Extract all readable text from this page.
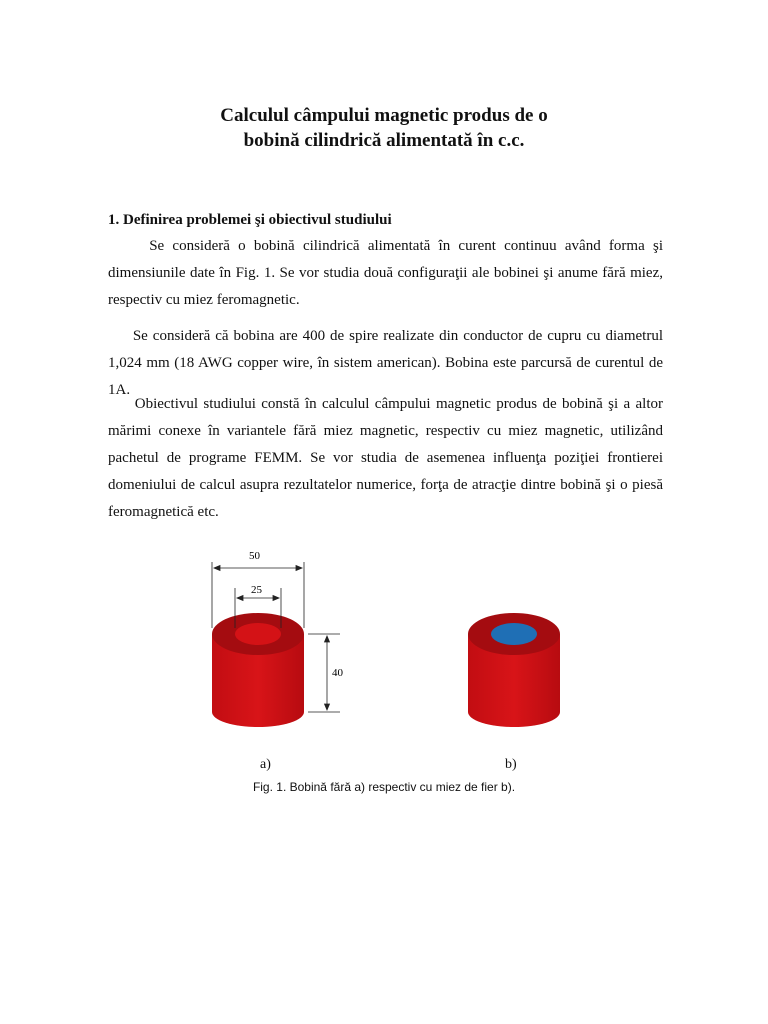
Calculul câmpului magnetic produs de o
bobină cilindrică alimentată în c.c.
1. Definirea problemei şi obiectivul studiului

Se consideră o bobină cilindrică alimentată în curent continuu având forma şi dimensiunile date în Fig. 1. Se vor studia două configuraţii ale bobinei şi anume fără miez, respectiv cu miez feromagnetic.

Se consideră că bobina are 400 de spire realizate din conductor de cupru cu diametrul 1,024 mm (18 AWG copper wire, în sistem american). Bobina este parcursă de curentul de 1A.

Obiectivul studiului constă în calculul câmpului magnetic produs de bobină şi a altor mărimi conexe în variantele fără miez magnetic, respectiv cu miez magnetic, utilizând pachetul de programe FEMM. Se vor studia de asemenea influenţa poziţiei frontierei domeniului de calcul asupra rezultatelor numerice, forţa de atracţie dintre bobină şi o piesă feromagnetică etc.

50
25
40
a)	b)
Fig. 1. Bobină fără a) respectiv cu miez de fier b).
